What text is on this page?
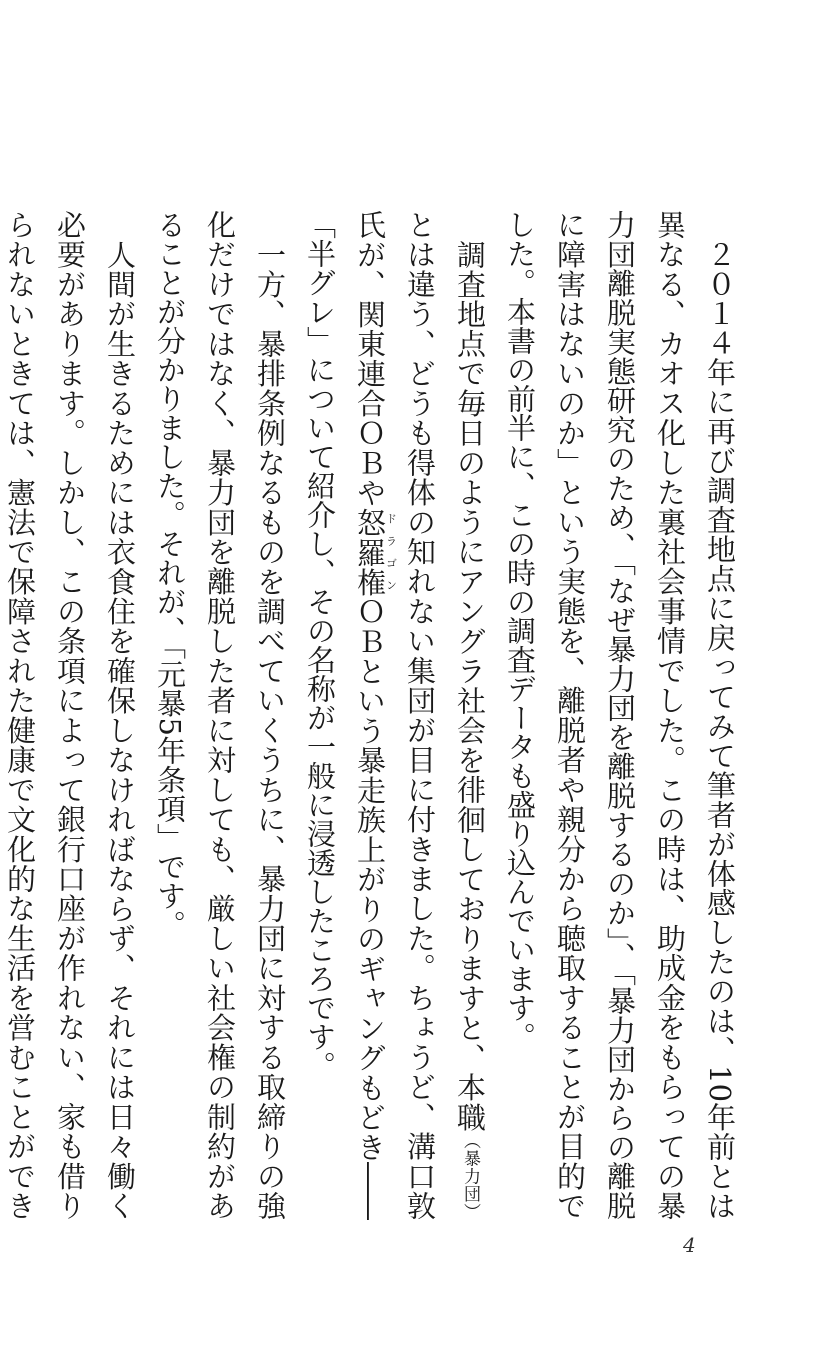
　２０１４年に再び調査地点に戻ってみて筆者が体感したのは、10年前とは異なる、カオス化した裏社会事情でした。この時は、助成金をもらっての暴力団離脱実態研究のため、「なぜ暴力団を離脱するのか」、「暴力団からの離脱に障害はないのか」という実態を、離脱者や親分から聴取することが目的でした。本書の前半に、この時の調査データも盛り込んでいます。

　調査地点で毎日のようにアングラ社会を徘徊しておりますと、本職（暴力団）とは違う、どうも得体の知れない集団が目に付きました。ちょうど、溝口敦氏が、関東連合ＯＢや怒羅権ドラゴンＯＢという暴走族上がりのギャングもどき――「半グレ」について紹介し、その名称が一般に浸透したころです。

　一方、暴排条例なるものを調べていくうちに、暴力団に対する取締りの強化だけではなく、暴力団を離脱した者に対しても、厳しい社会権の制約があることが分かりました。それが、「元暴5年条項」です。

　人間が生きるためには衣食住を確保しなければならず、それには日々働く必要があります。しかし、この条項によって銀行口座が作れない、家も借りられないときては、憲法で保障された健康で文化的な生活を営むことができ

4
